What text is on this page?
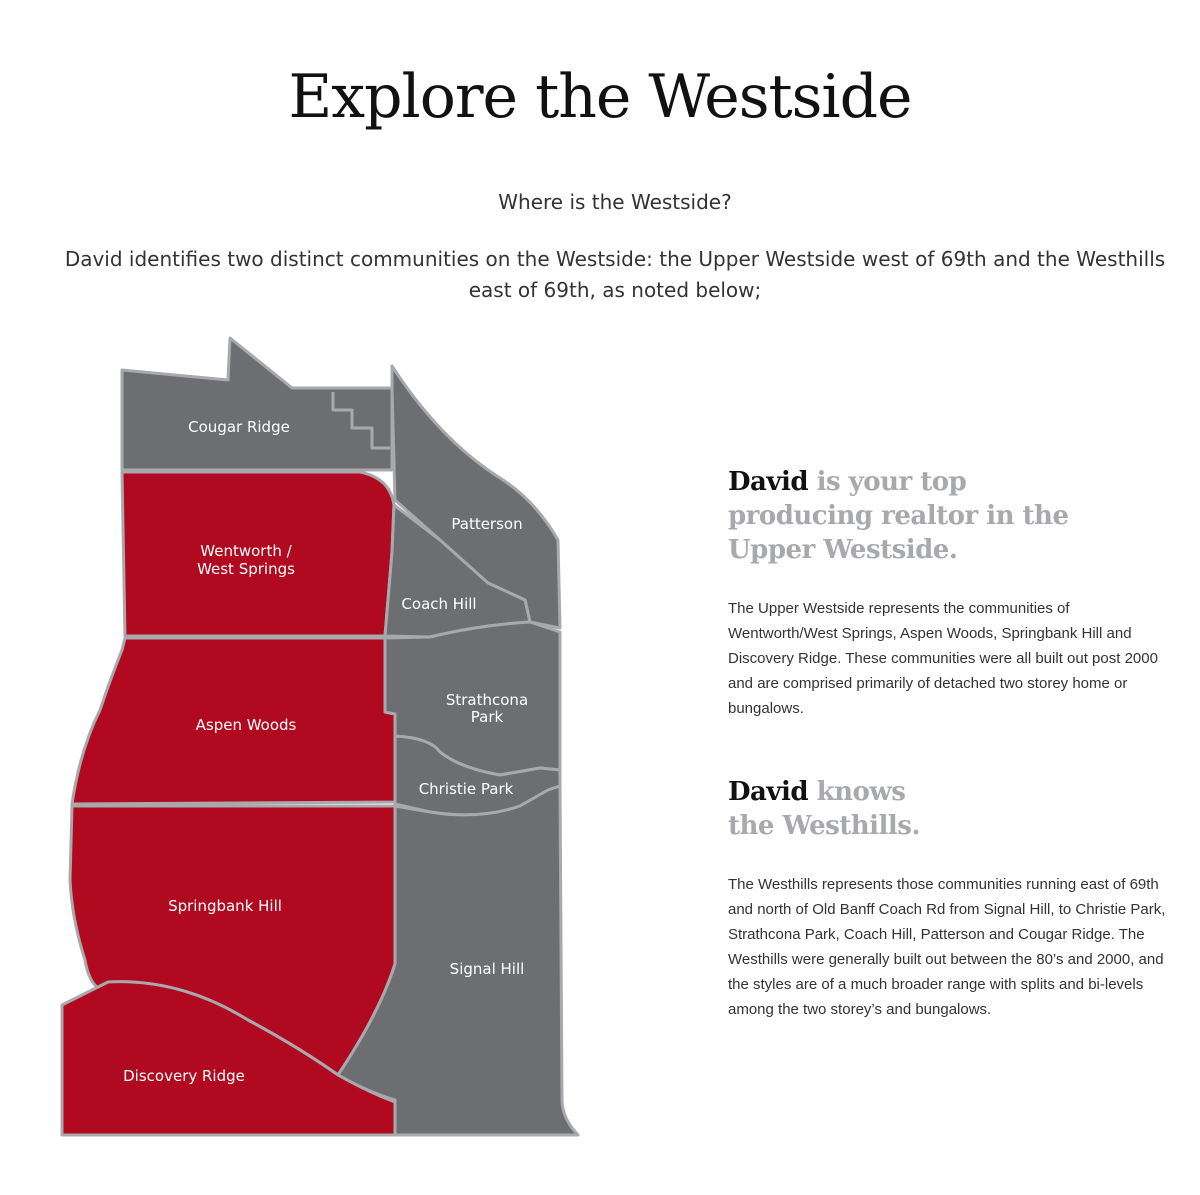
Explore the Westside
Where is the Westside?
David identifies two distinct communities on the Westside: the Upper Westside west of 69th and the Westhills east of 69th, as noted below;
Cougar Ridge
Wentworth / West Springs
Patterson
Coach Hill
Strathcona Park
Aspen Woods
Christie Park
Springbank Hill
Signal Hill
Discovery Ridge
David is your top
producing realtor in the
Upper Westside.
The Upper Westside represents the communities of Wentworth/West Springs, Aspen Woods, Springbank Hill and Discovery Ridge. These communities were all built out post 2000 and are comprised primarily of detached two storey home or bungalows.
David knows
the Westhills.
The Westhills represents those communities running east of 69th and north of Old Banff Coach Rd from Signal Hill, to Christie Park, Strathcona Park, Coach Hill, Patterson and Cougar Ridge. The Westhills were generally built out between the 80’s and 2000, and the styles are of a much broader range with splits and bi-levels among the two storey’s and bungalows.
